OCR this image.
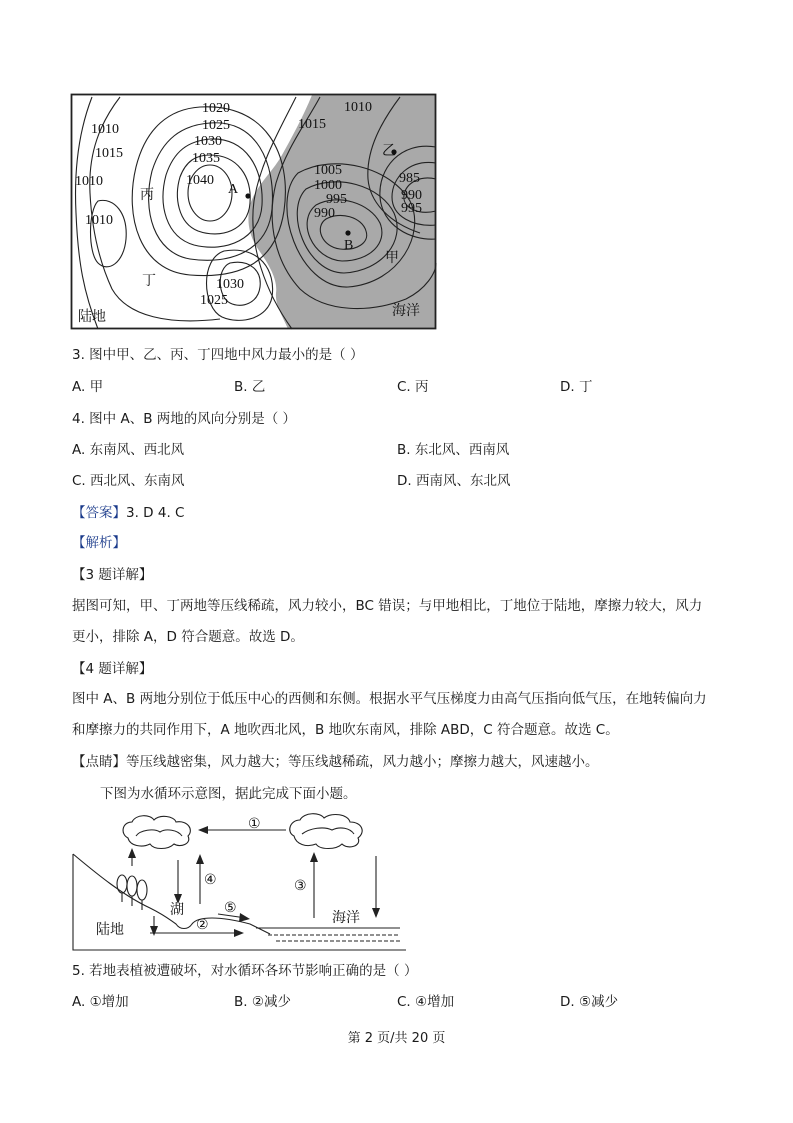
1020
1025
1030
1035
1040
1010
1015
1010
1010
1030
1025
1010
1015
1005
1000
995
990
985
990
995
A
B
乙
丙
丁
甲
陆地	海洋
3. 图中甲、乙、丙、丁四地中风力最小的是（ ）
A. 甲	B. 乙	C. 丙	D. 丁
4. 图中 A、B 两地的风向分别是（ ）
A. 东南风、西北风	B. 东北风、西南风
C. 西北风、东南风	D. 西南风、东北风
【答案】3. D 4. C
【解析】
【3 题详解】
据图可知，甲、丁两地等压线稀疏，风力较小，BC 错误；与甲地相比，丁地位于陆地，摩擦力较大，风力
更小，排除 A，D 符合题意。故选 D。
【4 题详解】
图中 A、B 两地分别位于低压中心的西侧和东侧。根据水平气压梯度力由高气压指向低气压，在地转偏向力
和摩擦力的共同作用下，A 地吹西北风，B 地吹东南风，排除 ABD，C 符合题意。故选 C。
【点睛】等压线越密集，风力越大；等压线越稀疏，风力越小；摩擦力越大，风速越小。
下图为水循环示意图，据此完成下面小题。
①
③
④
⑤
②
湖
陆地
海洋
5. 若地表植被遭破坏，对水循环各环节影响正确的是（ ）
A. ①增加	B. ②减少	C. ④增加	D. ⑤减少
第 2 页/共 20 页
